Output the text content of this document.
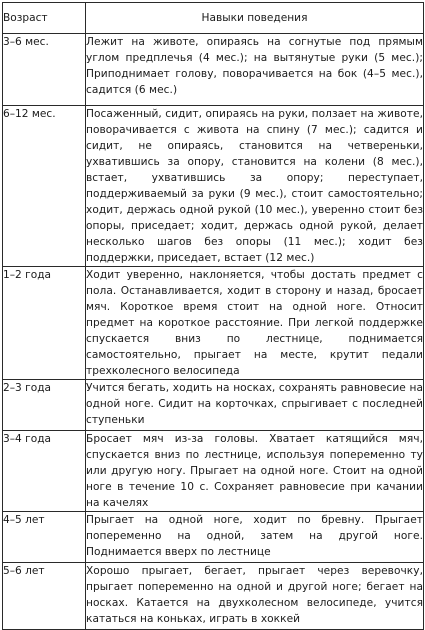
Возраст	Навыки поведения
3–6 мес.	Лежит на животе, опираясь на согнутые под прямым углом предплечья (4 мес.); на вытянутые руки (5 мес.); Приподнимает голову, поворачивается на бок (4–5 мес.), садится (6 мес.)
6–12 мес.	Посаженный, сидит, опираясь на руки, ползает на животе, поворачивается с живота на спину (7 мес.); садится и сидит, не опираясь, становится на четвереньки, ухватившись за опору, становится на колени (8 мес.), встает, ухватившись за опору; переступает, поддерживаемый за руки (9 мес.), стоит самостоятельно; ходит, держась одной рукой (10 мес.), уверенно стоит без опоры, приседает; ходит, держась одной рукой, делает несколько шагов без опоры (11 мес.); ходит без поддержки, приседает, встает (12 мес.)
1–2 года	Ходит уверенно, наклоняется, чтобы достать предмет с пола. Останавливается, ходит в сторону и назад, бросает мяч. Короткое время стоит на одной ноге. Относит предмет на короткое расстояние. При легкой поддержке спускается вниз по лестнице, поднимается самостоятельно, прыгает на месте, крутит педали трехколесного велосипеда
2–3 года	Учится бегать, ходить на носках, сохранять равновесие на одной ноге. Сидит на корточках, спрыгивает с последней ступеньки
3–4 года	Бросает мяч из-за головы. Хватает катящийся мяч, спускается вниз по лестнице, используя попеременно ту или другую ногу. Прыгает на одной ноге. Стоит на одной ноге в течение 10 с. Сохраняет равновесие при качании на качелях
4–5 лет	Прыгает на одной ноге, ходит по бревну. Прыгает попеременно на одной, затем на другой ноге. Поднимается вверх по лестнице
5–6 лет	Хорошо прыгает, бегает, прыгает через веревочку, прыгает попеременно на одной и другой ноге; бегает на носках. Катается на двухколесном велосипеде, учится кататься на коньках, играть в хоккей
